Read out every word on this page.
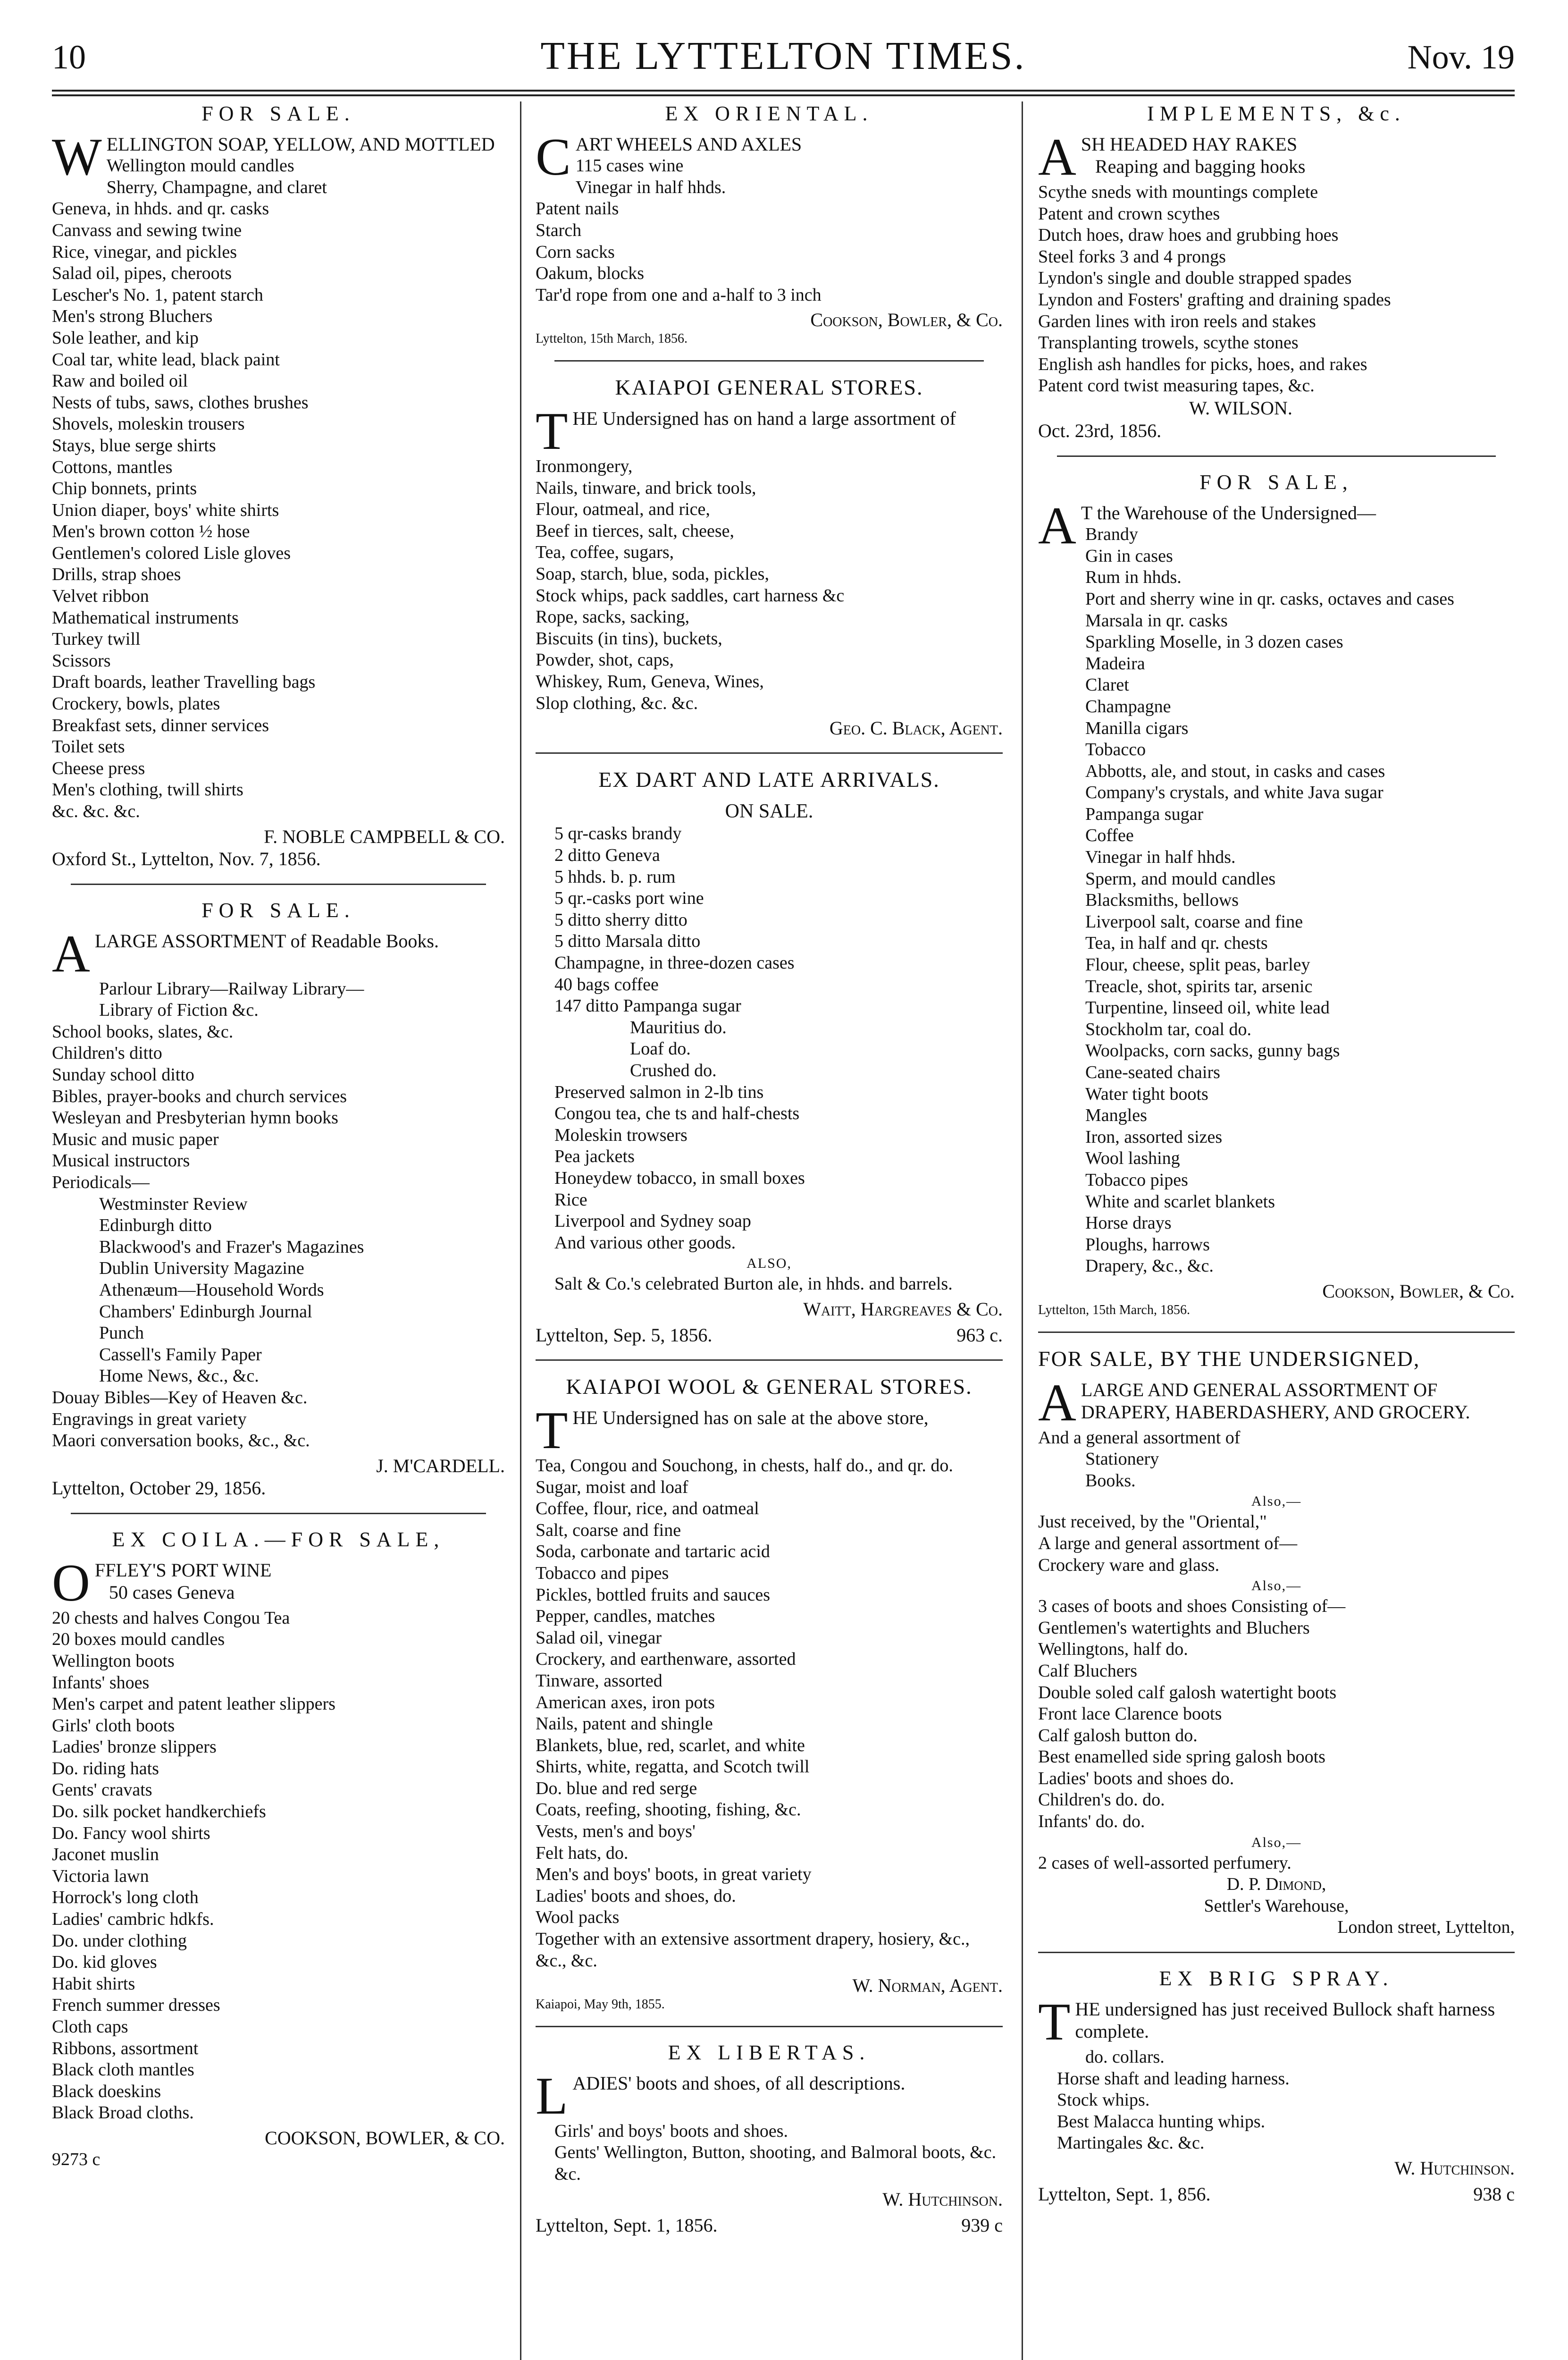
10	THE LYTTELTON TIMES.	Nov. 19
FOR SALE.

WELLINGTON SOAP, YELLOW, AND MOTTLED

Wellington mould candles
Sherry, Champagne, and claret
Geneva, in hhds. and qr. casks
Canvass and sewing twine
Rice, vinegar, and pickles
Salad oil, pipes, cheroots
Lescher's No. 1, patent starch
Men's strong Bluchers
Sole leather, and kip
Coal tar, white lead, black paint
Raw and boiled oil
Nests of tubs, saws, clothes brushes
Shovels, moleskin trousers
Stays, blue serge shirts
Cottons, mantles
Chip bonnets, prints
Union diaper, boys' white shirts
Men's brown cotton ½ hose
Gentlemen's colored Lisle gloves
Drills, strap shoes
Velvet ribbon
Mathematical instruments
Turkey twill
Scissors
Draft boards, leather Travelling bags
Crockery, bowls, plates
Breakfast sets, dinner services
Toilet sets
Cheese press
Men's clothing, twill shirts
&c. &c. &c.
F. NOBLE CAMPBELL & CO.
Oxford St., Lyttelton, Nov. 7, 1856.
FOR SALE.

ALARGE ASSORTMENT of Readable Books.

Parlour Library—Railway Library—
Library of Fiction &c.
School books, slates, &c.
Children's ditto
Sunday school ditto
Bibles, prayer-books and church services
Wesleyan and Presbyterian hymn books
Music and music paper
Musical instructors
Periodicals—
Westminster Review
Edinburgh ditto
Blackwood's and Frazer's Magazines
Dublin University Magazine
Athenæum—Household Words
Chambers' Edinburgh Journal
Punch
Cassell's Family Paper
Home News, &c., &c.
Douay Bibles—Key of Heaven &c.
Engravings in great variety
Maori conversation books, &c., &c.
J. M'CARDELL.
Lyttelton, October 29, 1856.
EX COILA.—FOR SALE,

OFFLEY'S PORT WINE
50 cases Geneva

20 chests and halves Congou Tea
20 boxes mould candles
Wellington boots
Infants' shoes
Men's carpet and patent leather slippers
Girls' cloth boots
Ladies' bronze slippers
Do. riding hats
Gents' cravats
Do. silk pocket handkerchiefs
Do. Fancy wool shirts
Jaconet muslin
Victoria lawn
Horrock's long cloth
Ladies' cambric hdkfs.
Do. under clothing
Do. kid gloves
Habit shirts
French summer dresses
Cloth caps
Ribbons, assortment
Black cloth mantles
Black doeskins
Black Broad cloths.
COOKSON, BOWLER, & CO.
9273 c
EX ORIENTAL.

CART WHEELS AND AXLES

115 cases wine
Vinegar in half hhds.
Patent nails
Starch
Corn sacks
Oakum, blocks
Tar'd rope from one and a-half to 3 inch
Cookson, Bowler, & Co.
Lyttelton, 15th March, 1856.
KAIAPOI GENERAL STORES.

THE Undersigned has on hand a large assortment of

Ironmongery,
Nails, tinware, and brick tools,
Flour, oatmeal, and rice,
Beef in tierces, salt, cheese,
Tea, coffee, sugars,
Soap, starch, blue, soda, pickles,
Stock whips, pack saddles, cart harness &c
Rope, sacks, sacking,
Biscuits (in tins), buckets,
Powder, shot, caps,
Whiskey, Rum, Geneva, Wines,
Slop clothing, &c. &c.
Geo. C. Black, Agent.
EX DART AND LATE ARRIVALS.
ON SALE.
5 qr-casks brandy
2 ditto Geneva
5 hhds. b. p. rum
5 qr.-casks port wine
5 ditto sherry ditto
5 ditto Marsala ditto
Champagne, in three-dozen cases
40 bags coffee
147 ditto Pampanga sugar
Mauritius do.
Loaf do.
Crushed do.
Preserved salmon in 2-lb tins
Congou tea, che ts and half-chests
Moleskin trowsers
Pea jackets
Honeydew tobacco, in small boxes
Rice
Liverpool and Sydney soap
And various other goods.
ALSO,
Salt & Co.'s celebrated Burton ale, in hhds. and barrels.
Waitt, Hargreaves & Co.
Lyttelton, Sep. 5, 1856.	963 c.
KAIAPOI WOOL & GENERAL STORES.

THE Undersigned has on sale at the above store,

Tea, Congou and Souchong, in chests, half do., and qr. do.
Sugar, moist and loaf
Coffee, flour, rice, and oatmeal
Salt, coarse and fine
Soda, carbonate and tartaric acid
Tobacco and pipes
Pickles, bottled fruits and sauces
Pepper, candles, matches
Salad oil, vinegar
Crockery, and earthenware, assorted
Tinware, assorted
American axes, iron pots
Nails, patent and shingle
Blankets, blue, red, scarlet, and white
Shirts, white, regatta, and Scotch twill
Do. blue and red serge
Coats, reefing, shooting, fishing, &c.
Vests, men's and boys'
Felt hats, do.
Men's and boys' boots, in great variety
Ladies' boots and shoes, do.
Wool packs
Together with an extensive assortment drapery, hosiery, &c., &c., &c.
W. Norman, Agent.
Kaiapoi, May 9th, 1855.
EX LIBERTAS.

LADIES' boots and shoes, of all descriptions.

Girls' and boys' boots and shoes.
Gents' Wellington, Button, shooting, and Balmoral boots, &c. &c.
W. Hutchinson.
Lyttelton, Sept. 1, 1856.	939 c
IMPLEMENTS, &c.

ASH HEADED HAY RAKES
Reaping and bagging hooks

Scythe sneds with mountings complete
Patent and crown scythes
Dutch hoes, draw hoes and grubbing hoes
Steel forks 3 and 4 prongs
Lyndon's single and double strapped spades
Lyndon and Fosters' grafting and draining spades
Garden lines with iron reels and stakes
Transplanting trowels, scythe stones
English ash handles for picks, hoes, and rakes
Patent cord twist measuring tapes, &c.
W. WILSON.
Oct. 23rd, 1856.
FOR SALE,

A T the Warehouse of the Undersigned—

Brandy
Gin in cases
Rum in hhds.
Port and sherry wine in qr. casks, octaves and cases
Marsala in qr. casks
Sparkling Moselle, in 3 dozen cases
Madeira
Claret
Champagne
Manilla cigars
Tobacco
Abbotts, ale, and stout, in casks and cases
Company's crystals, and white Java sugar
Pampanga sugar
Coffee
Vinegar in half hhds.
Sperm, and mould candles
Blacksmiths, bellows
Liverpool salt, coarse and fine
Tea, in half and qr. chests
Flour, cheese, split peas, barley
Treacle, shot, spirits tar, arsenic
Turpentine, linseed oil, white lead
Stockholm tar, coal do.
Woolpacks, corn sacks, gunny bags
Cane-seated chairs
Water tight boots
Mangles
Iron, assorted sizes
Wool lashing
Tobacco pipes
White and scarlet blankets
Horse drays
Ploughs, harrows
Drapery, &c., &c.
Cookson, Bowler, & Co.
Lyttelton, 15th March, 1856.
FOR SALE, BY THE UNDERSIGNED,

ALARGE AND GENERAL ASSORTMENT OF DRAPERY, HABERDASHERY, AND GROCERY.

And a general assortment of
Stationery
Books.
Also,—
Just received, by the "Oriental,"
A large and general assortment of—
Crockery ware and glass.
Also,—
3 cases of boots and shoes Consisting of—
Gentlemen's watertights and Bluchers
Wellingtons, half do.
Calf Bluchers
Double soled calf galosh watertight boots
Front lace Clarence boots
Calf galosh button do.
Best enamelled side spring galosh boots
Ladies' boots and shoes do.
Children's do. do.
Infants' do. do.
Also,—
2 cases of well-assorted perfumery.
D. P. Dimond,
Settler's Warehouse,
London street, Lyttelton,
EX BRIG SPRAY.

THE undersigned has just received Bullock shaft harness complete.

do. collars.
Horse shaft and leading harness.
Stock whips.
Best Malacca hunting whips.
Martingales &c. &c.
W. Hutchinson.
Lyttelton, Sept. 1, 856.	938 c
